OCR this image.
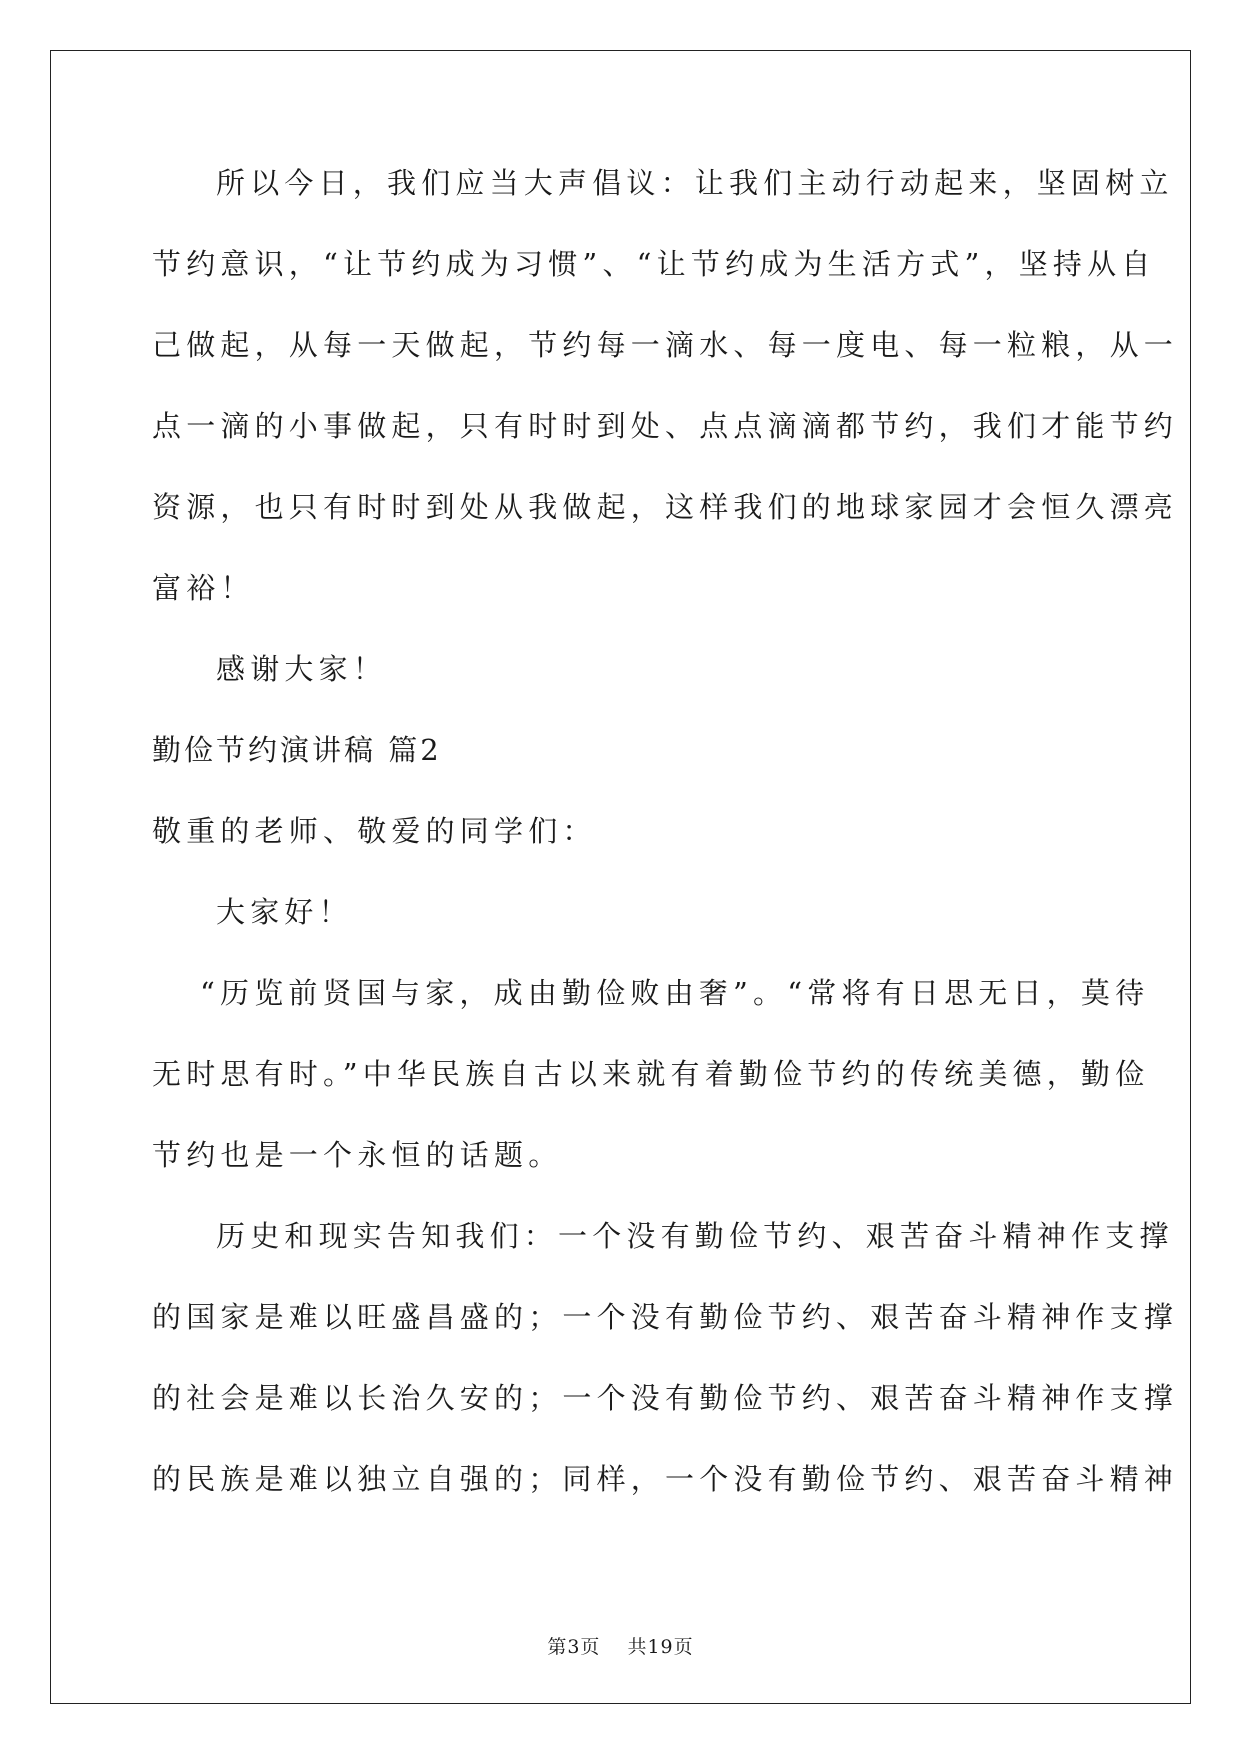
所以今日，我们应当大声倡议：让我们主动行动起来，坚固树立
节约意识，“让节约成为习惯”、“让节约成为生活方式”，坚持从自
己做起，从每一天做起，节约每一滴水、每一度电、每一粒粮，从一
点一滴的小事做起，只有时时到处、点点滴滴都节约，我们才能节约
资源，也只有时时到处从我做起，这样我们的地球家园才会恒久漂亮
富裕！
感谢大家！
勤俭节约演讲稿 篇2
敬重的老师、敬爱的同学们：
大家好！
“历览前贤国与家，成由勤俭败由奢”。“常将有日思无日，莫待
无时思有时。”中华民族自古以来就有着勤俭节约的传统美德，勤俭
节约也是一个永恒的话题。
历史和现实告知我们：一个没有勤俭节约、艰苦奋斗精神作支撑
的国家是难以旺盛昌盛的；一个没有勤俭节约、艰苦奋斗精神作支撑
的社会是难以长治久安的；一个没有勤俭节约、艰苦奋斗精神作支撑
的民族是难以独立自强的；同样，一个没有勤俭节约、艰苦奋斗精神
第3页 共19页
